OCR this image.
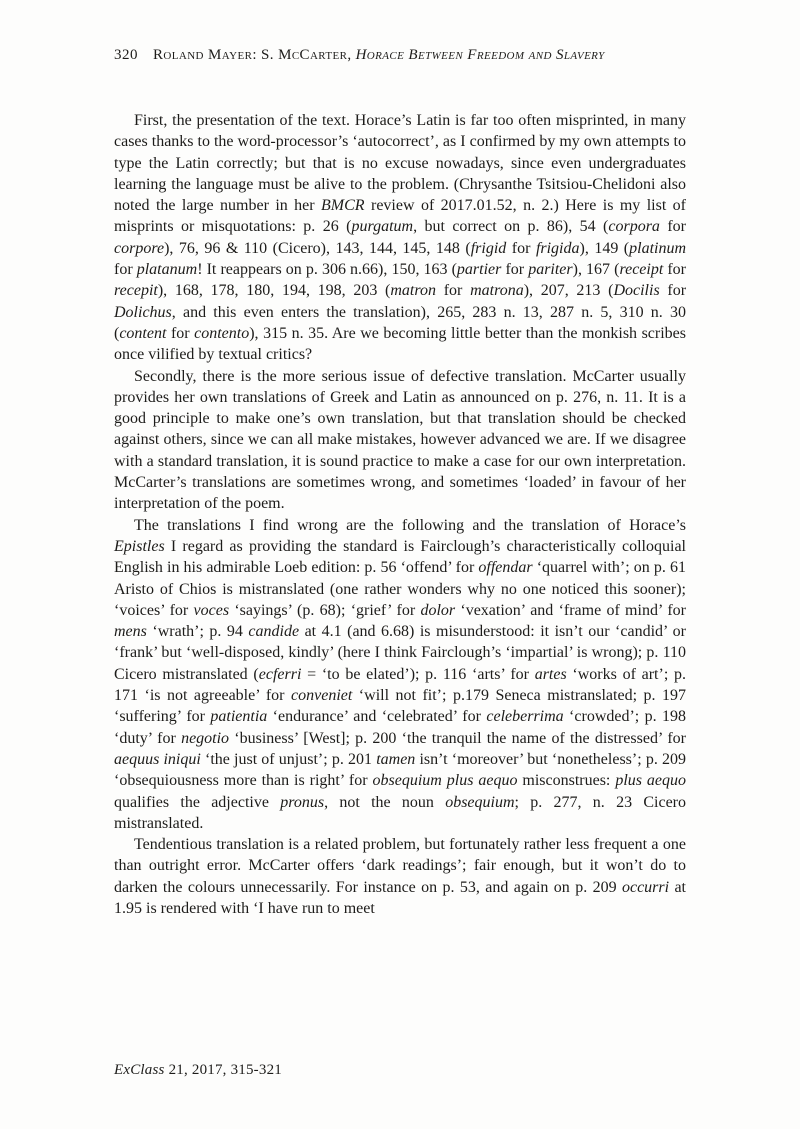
320 Roland Mayer: S. McCarter, Horace Between Freedom and Slavery

First, the presentation of the text. Horace’s Latin is far too often misprinted, in many cases thanks to the word-processor’s ‘autocorrect’, as I confirmed by my own attempts to type the Latin correctly; but that is no excuse nowadays, since even undergraduates learning the language must be alive to the problem. (Chrysanthe Tsitsiou-Chelidoni also noted the large number in her BMCR review of 2017.01.52, n. 2.) Here is my list of misprints or misquotations: p. 26 (purgatum, but correct on p. 86), 54 (corpora for corpore), 76, 96 & 110 (Cicero), 143, 144, 145, 148 (frigid for frigida), 149 (platinum for platanum! It reappears on p. 306 n.66), 150, 163 (partier for pariter), 167 (receipt for recepit), 168, 178, 180, 194, 198, 203 (matron for matrona), 207, 213 (Docilis for Dolichus, and this even enters the translation), 265, 283 n. 13, 287 n. 5, 310 n. 30 (content for contento), 315 n. 35. Are we becoming little better than the monkish scribes once vilified by textual critics?

Secondly, there is the more serious issue of defective translation. McCarter usually provides her own translations of Greek and Latin as announced on p. 276, n. 11. It is a good principle to make one’s own translation, but that translation should be checked against others, since we can all make mistakes, however advanced we are. If we disagree with a standard translation, it is sound practice to make a case for our own interpretation. McCarter’s translations are sometimes wrong, and sometimes ‘loaded’ in favour of her interpretation of the poem.

The translations I find wrong are the following and the translation of Horace’s Epistles I regard as providing the standard is Fairclough’s characteristically colloquial English in his admirable Loeb edition: p. 56 ‘offend’ for offendar ‘quarrel with’; on p. 61 Aristo of Chios is mistranslated (one rather wonders why no one noticed this sooner); ‘voices’ for voces ‘sayings’ (p. 68); ‘grief’ for dolor ‘vexation’ and ‘frame of mind’ for mens ‘wrath’; p. 94 candide at 4.1 (and 6.68) is misunderstood: it isn’t our ‘candid’ or ‘frank’ but ‘well-disposed, kindly’ (here I think Fairclough’s ‘impartial’ is wrong); p. 110 Cicero mistranslated (ecferri = ‘to be elated’); p. 116 ‘arts’ for artes ‘works of art’; p. 171 ‘is not agreeable’ for conveniet ‘will not fit’; p.179 Seneca mistranslated; p. 197 ‘suffering’ for patientia ‘endurance’ and ‘celebrated’ for celeberrima ‘crowded’; p. 198 ‘duty’ for negotio ‘business’ [West]; p. 200 ‘the tranquil the name of the distressed’ for aequus iniqui ‘the just of unjust’; p. 201 tamen isn’t ‘moreover’ but ‘nonetheless’; p. 209 ‘obsequiousness more than is right’ for obsequium plus aequo misconstrues: plus aequo qualifies the adjective pronus, not the noun obsequium; p. 277, n. 23 Cicero mistranslated.

Tendentious translation is a related problem, but fortunately rather less frequent a one than outright error. McCarter offers ‘dark readings’; fair enough, but it won’t do to darken the colours unnecessarily. For instance on p. 53, and again on p. 209 occurri at 1.95 is rendered with ‘I have run to meet

ExClass 21, 2017, 315-321
